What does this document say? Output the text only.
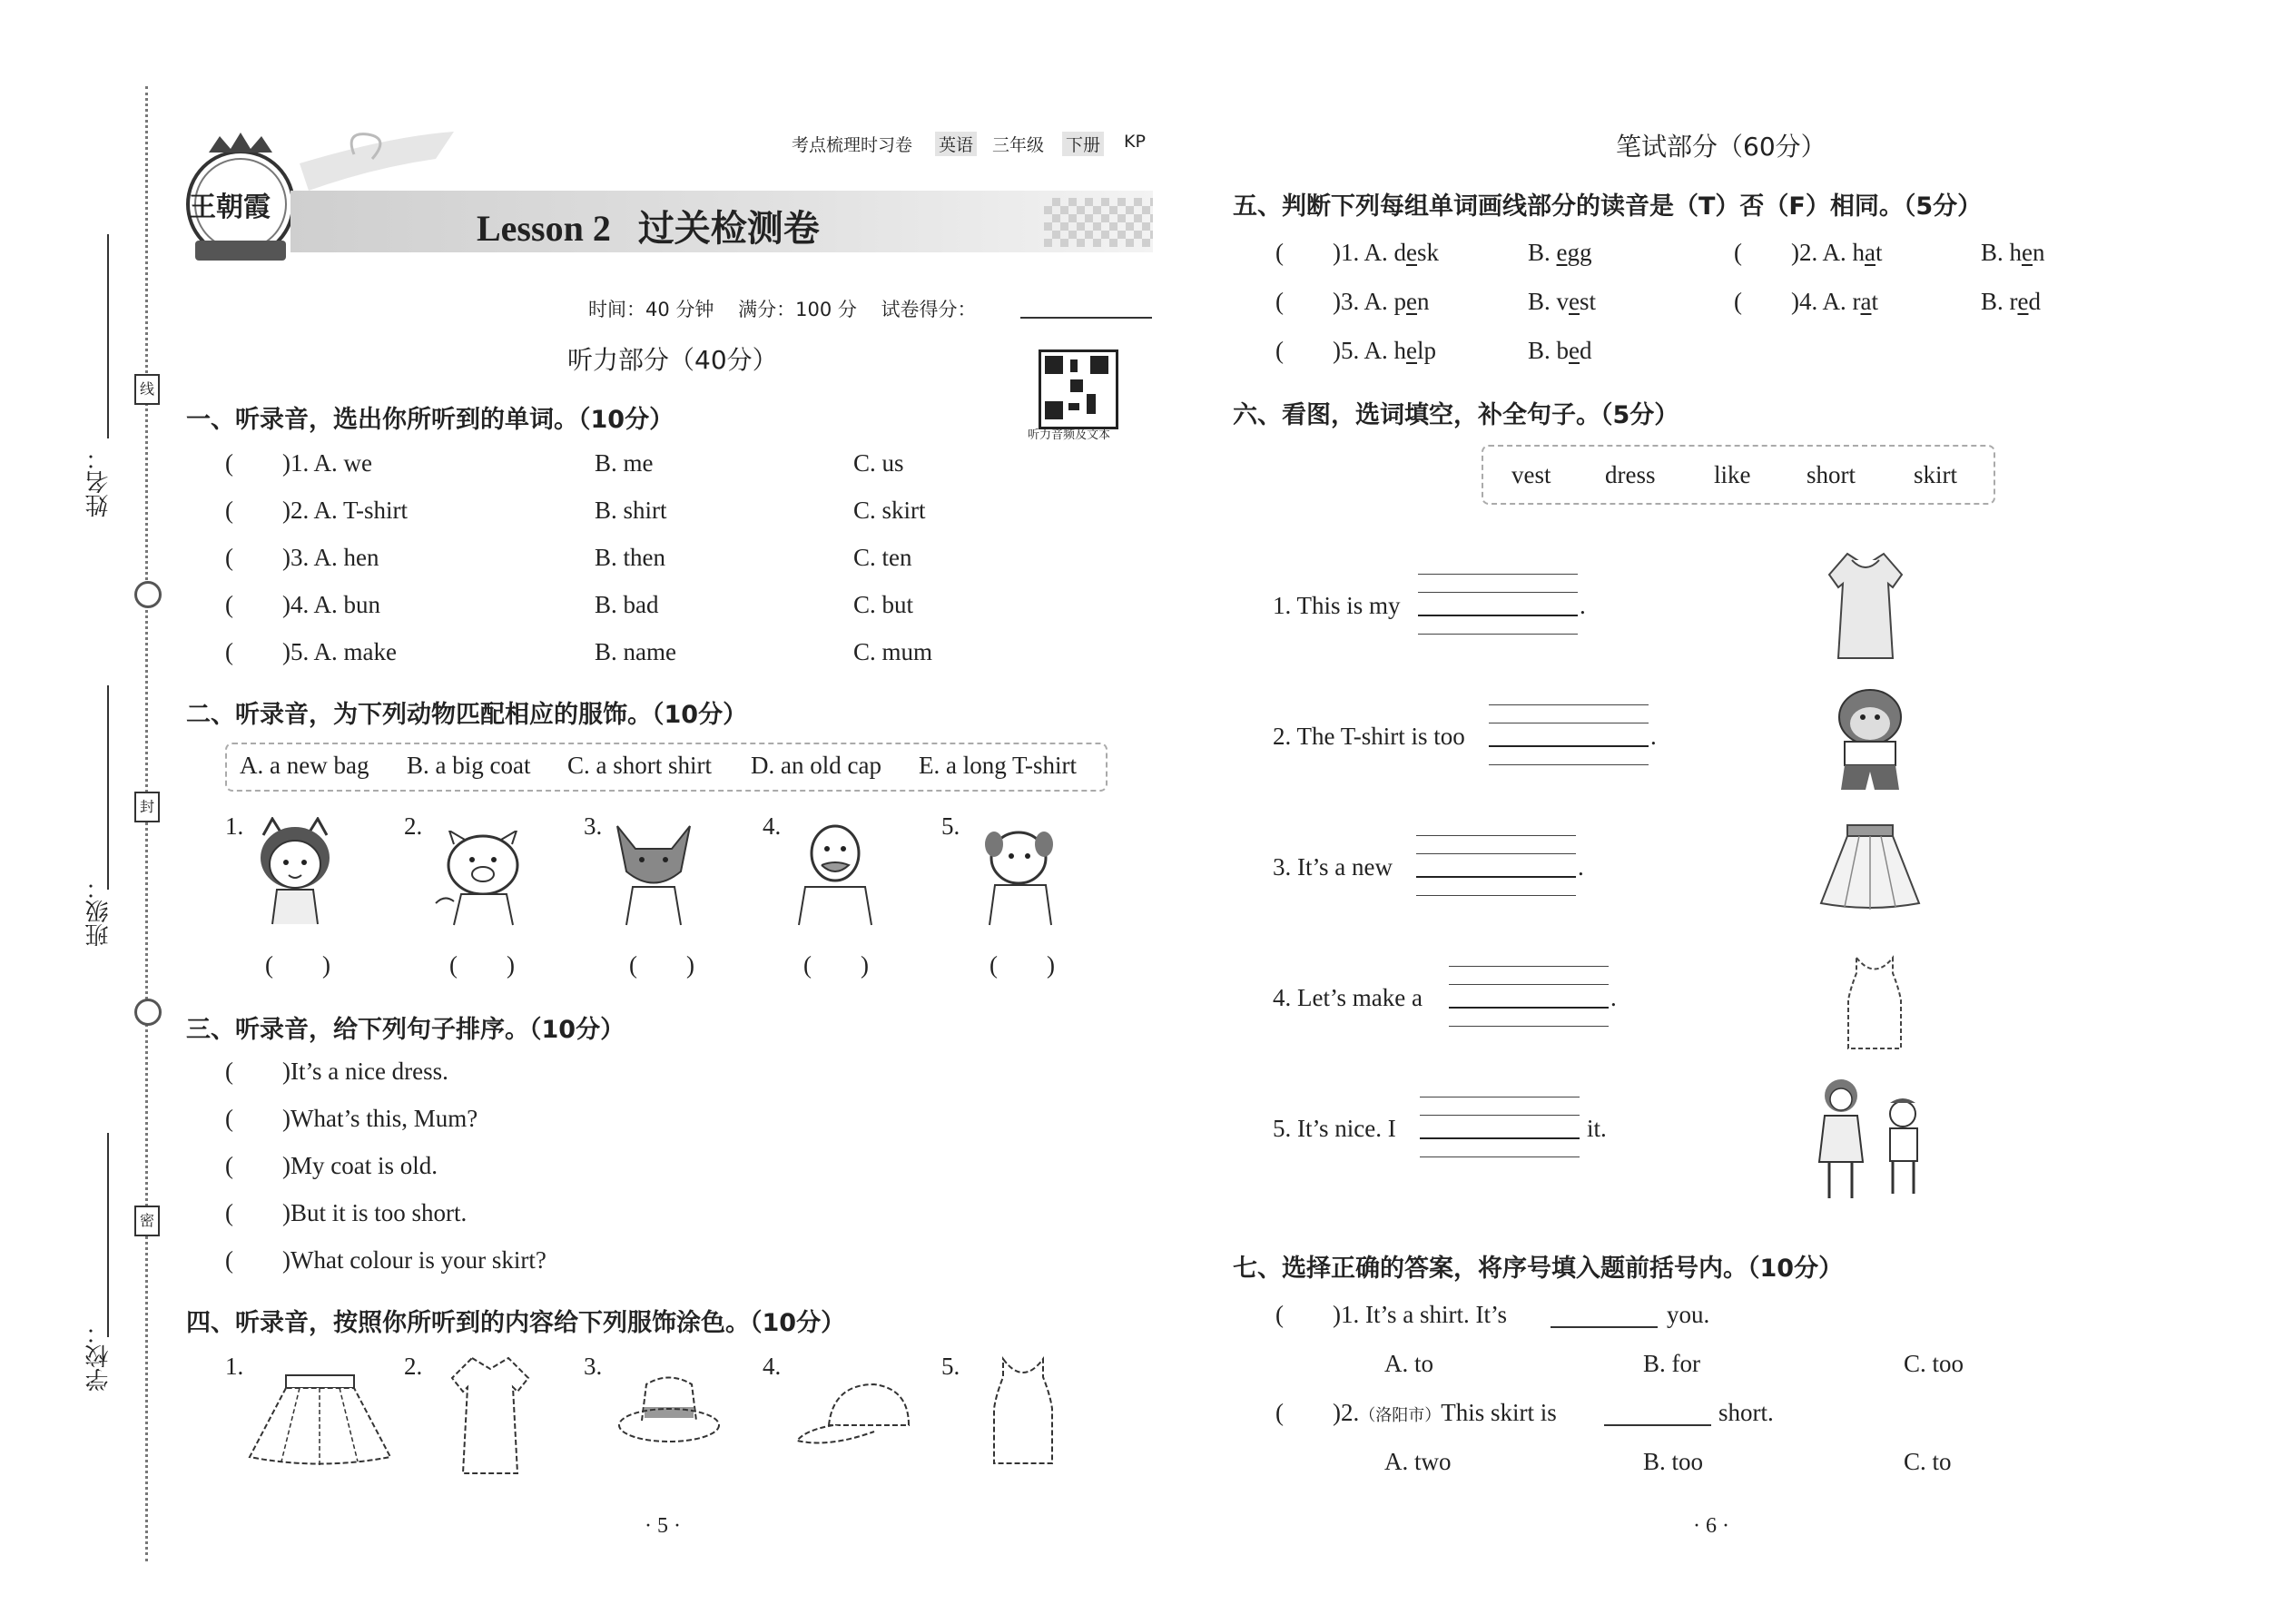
姓名：
班级：
学校：
线
封
密
王朝霞
考点梳理时习卷 英语 三年级 下册 KP
Lesson 2   过关检测卷
时间：40 分钟    满分：100 分    试卷得分：
听力音频及文本
听力部分（40分）
一、听录音，选出你所听到的单词。（10分）
(        )1. A. we	B. me	C. us
(        )2. A. T-shirt	B. shirt	C. skirt
(        )3. A. hen	B. then	C. ten
(        )4. A. bun	B. bad	C. but
(        )5. A. make	B. name	C. mum
二、听录音，为下列动物匹配相应的服饰。（10分）
A. a new bag B. a big coat C. a short shirt D. an old cap E. a long T-shirt
1.	2.	3.	4.	5.
(        )	(        )	(        )	(        )	(        )
三、听录音，给下列句子排序。（10分）
(        )It’s a nice dress.
(        )What’s this, Mum?
(        )My coat is old.
(        )But it is too short.
(        )What colour is your skirt?
四、听录音，按照你所听到的内容给下列服饰涂色。（10分）
1.	2.	3.	4.	5.
· 5 ·
笔试部分（60分）
五、判断下列每组单词画线部分的读音是（T）否（F）相同。（5分）
(        )1. A. desk	B. egg	(        )2. A. hat	B. hen
(        )3. A. pen	B. vest	(        )4. A. rat	B. red
(        )5. A. help	B. bed
六、看图，选词填空，补全句子。（5分）
vest dress like short skirt
1. This is my	.
2. The T-shirt is too	.
3. It’s a new	.
4. Let’s make a	.
5. It’s nice. I	it.
七、选择正确的答案，将序号填入题前括号内。（10分）
(        )1. It’s a shirt. It’s	you.
A. to	B. for	C. too
(        )2.（洛阳市）This skirt is	short.
A. two	B. too	C. to
· 6 ·
